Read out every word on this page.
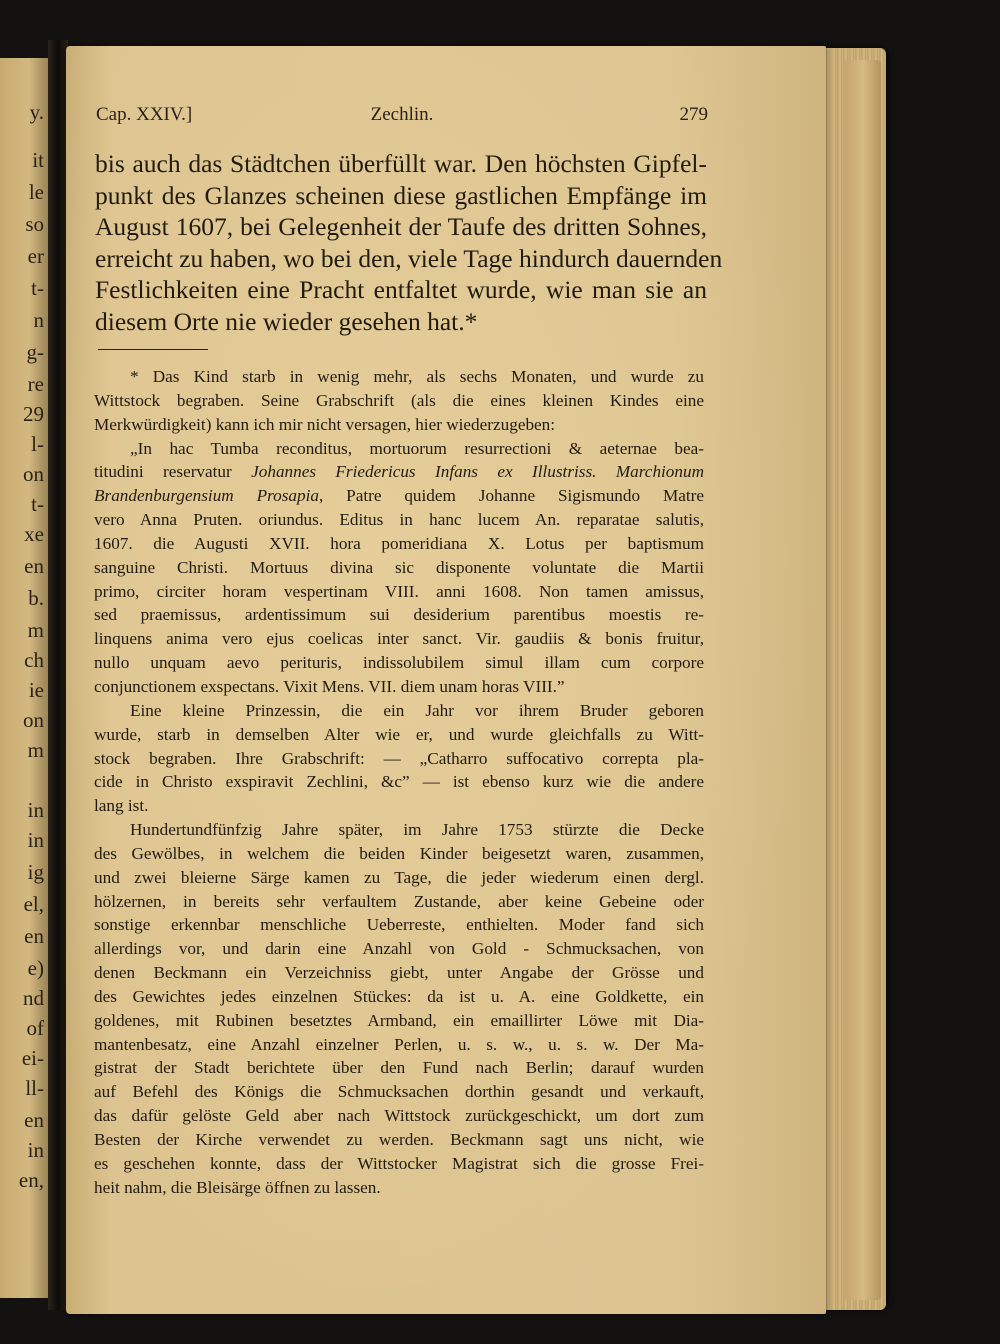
y.
it
le
so
er
t-
n
g-
re
29
l-
on
t-
xe
en
b.
m
ch
ie
on
m
in
in
ig
el,
en
e)
nd
of
ei-
ll-
en
in
en,
Cap. XXIV.]	Zechlin.	279
bis auch das Städtchen überfüllt war. Den höchsten Gipfel-
punkt des Glanzes scheinen diese gastlichen Empfänge im
August 1607, bei Gelegenheit der Taufe des dritten Sohnes,
erreicht zu haben, wo bei den, viele Tage hindurch dauernden
Festlichkeiten eine Pracht entfaltet wurde, wie man sie an
diesem Orte nie wieder gesehen hat.*
* Das Kind starb in wenig mehr, als sechs Monaten, und wurde zu
Wittstock begraben. Seine Grabschrift (als die eines kleinen Kindes eine
Merkwürdigkeit) kann ich mir nicht versagen, hier wiederzugeben:
„In hac Tumba reconditus, mortuorum resurrectioni & aeternae bea-
titudini reservatur Johannes Friedericus Infans ex Illustriss. Marchionum
Brandenburgensium Prosapia, Patre quidem Johanne Sigismundo Matre
vero Anna Pruten. oriundus. Editus in hanc lucem An. reparatae salutis,
1607. die Augusti XVII. hora pomeridiana X. Lotus per baptismum
sanguine Christi. Mortuus divina sic disponente voluntate die Martii
primo, circiter horam vespertinam VIII. anni 1608. Non tamen amissus,
sed praemissus, ardentissimum sui desiderium parentibus moestis re-
linquens anima vero ejus coelicas inter sanct. Vir. gaudiis & bonis fruitur,
nullo unquam aevo perituris, indissolubilem simul illam cum corpore
conjunctionem exspectans. Vixit Mens. VII. diem unam horas VIII.”
Eine kleine Prinzessin, die ein Jahr vor ihrem Bruder geboren
wurde, starb in demselben Alter wie er, und wurde gleichfalls zu Witt-
stock begraben. Ihre Grabschrift: — „Catharro suffocativo correpta pla-
cide in Christo exspiravit Zechlini, &c” — ist ebenso kurz wie die andere
lang ist.
Hundertundfünfzig Jahre später, im Jahre 1753 stürzte die Decke
des Gewölbes, in welchem die beiden Kinder beigesetzt waren, zusammen,
und zwei bleierne Särge kamen zu Tage, die jeder wiederum einen dergl.
hölzernen, in bereits sehr verfaultem Zustande, aber keine Gebeine oder
sonstige erkennbar menschliche Ueberreste, enthielten. Moder fand sich
allerdings vor, und darin eine Anzahl von Gold - Schmucksachen, von
denen Beckmann ein Verzeichniss giebt, unter Angabe der Grösse und
des Gewichtes jedes einzelnen Stückes: da ist u. A. eine Goldkette, ein
goldenes, mit Rubinen besetztes Armband, ein emaillirter Löwe mit Dia-
mantenbesatz, eine Anzahl einzelner Perlen, u. s. w., u. s. w. Der Ma-
gistrat der Stadt berichtete über den Fund nach Berlin; darauf wurden
auf Befehl des Königs die Schmucksachen dorthin gesandt und verkauft,
das dafür gelöste Geld aber nach Wittstock zurückgeschickt, um dort zum
Besten der Kirche verwendet zu werden. Beckmann sagt uns nicht, wie
es geschehen konnte, dass der Wittstocker Magistrat sich die grosse Frei-
heit nahm, die Bleisärge öffnen zu lassen.
